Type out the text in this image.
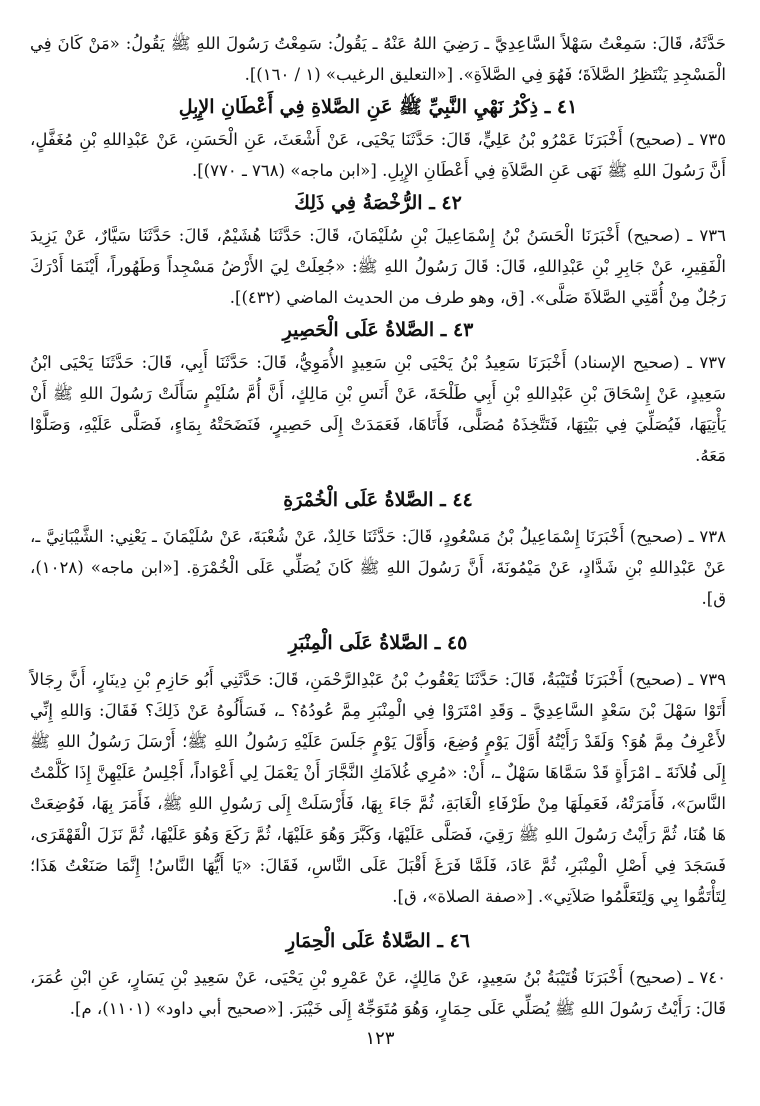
حَدَّثَهُ، قَالَ: سَمِعْتُ سَهْلاً السَّاعِدِيَّ ـ رَضِيَ اللهُ عَنْهُ ـ يَقُولُ: سَمِعْتُ رَسُولَ اللهِ ﷺ يَقُولُ: «مَنْ كَانَ فِي الْمَسْجِدِ يَنْتَظِرُ الصَّلاَةَ؛ فَهُوَ فِي الصَّلاَةِ». [«التعليق الرغيب» (١ / ١٦٠)].

٤١ ـ ذِكْرُ نَهْيِ النَّبِيِّ ﷺ عَنِ الصَّلاةِ فِي أَعْطَانِ الإِبِلِ

٧٣٥ ـ (صحيح) أَخْبَرَنَا عَمْرُو بْنُ عَلِيٍّ، قَالَ: حَدَّثَنَا يَحْيَى، عَنْ أَشْعَثَ، عَنِ الْحَسَنِ، عَنْ عَبْدِاللهِ بْنِ مُغَفَّلٍ، أَنَّ رَسُولَ اللهِ ﷺ نَهَى عَنِ الصَّلاَةِ فِي أَعْطَانِ الإِبِلِ. [«ابن ماجه» (٧٦٨ ـ ٧٧٠)].

٤٢ ـ الرُّخْصَةُ فِي ذَلِكَ

٧٣٦ ـ (صحيح) أَخْبَرَنَا الْحَسَنُ بْنُ إِسْمَاعِيلَ بْنِ سُلَيْمَانَ، قَالَ: حَدَّثَنَا هُشَيْمٌ، قَالَ: حَدَّثَنَا سَيَّارٌ، عَنْ يَزِيدَ الْفَقِيرِ، عَنْ جَابِرِ بْنِ عَبْدِاللهِ، قَالَ: قَالَ رَسُولُ اللهِ ﷺ: «جُعِلَتْ لِيَ الأَرْضُ مَسْجِداً وَطَهُوراً، أَيْنَمَا أَدْرَكَ رَجُلٌ مِنْ أُمَّتِي الصَّلاَةَ صَلَّى». [ق، وهو طرف من الحديث الماضي (٤٣٢)].

٤٣ ـ الصَّلاةُ عَلَى الْحَصِيرِ

٧٣٧ ـ (صحيح الإسناد) أَخْبَرَنَا سَعِيدُ بْنُ يَحْيَى بْنِ سَعِيدٍ الأُمَوِيُّ، قَالَ: حَدَّثَنَا أَبِي، قَالَ: حَدَّثَنَا يَحْيَى ابْنُ سَعِيدٍ، عَنْ إِسْحَاقَ بْنِ عَبْدِاللهِ بْنِ أَبِي طَلْحَةَ، عَنْ أَنَسِ بْنِ مَالِكٍ، أَنَّ أُمَّ سُلَيْمٍ سَأَلَتْ رَسُولَ اللهِ ﷺ أَنْ يَأْتِيَهَا، فَيُصَلِّيَ فِي بَيْتِهَا، فَتَتَّخِذَهُ مُصَلًّى، فَأَتَاهَا، فَعَمَدَتْ إِلَى حَصِيرٍ، فَنَضَحَتْهُ بِمَاءٍ، فَصَلَّى عَلَيْهِ، وَصَلَّوْا مَعَهُ.

٤٤ ـ الصَّلاةُ عَلَى الْخُمْرَةِ

٧٣٨ ـ (صحيح) أَخْبَرَنَا إِسْمَاعِيلُ بْنُ مَسْعُودٍ، قَالَ: حَدَّثَنَا خَالِدٌ، عَنْ شُعْبَةَ، عَنْ سُلَيْمَانَ ـ يَعْنِي: الشَّيْبَانِيَّ ـ، عَنْ عَبْدِاللهِ بْنِ شَدَّادٍ، عَنْ مَيْمُونَةَ، أَنَّ رَسُولَ اللهِ ﷺ كَانَ يُصَلِّي عَلَى الْخُمْرَةِ. [«ابن ماجه» (١٠٢٨)، ق].

٤٥ ـ الصَّلاةُ عَلَى الْمِنْبَرِ

٧٣٩ ـ (صحيح) أَخْبَرَنَا قُتَيْبَةُ، قَالَ: حَدَّثَنَا يَعْقُوبُ بْنُ عَبْدِالرَّحْمَنِ، قَالَ: حَدَّثَنِي أَبُو حَازِمِ بْنِ دِينَارٍ، أَنَّ رِجَالاً أَتَوْا سَهْلَ بْنَ سَعْدٍ السَّاعِدِيَّ ـ وَقَدِ امْتَرَوْا فِي الْمِنْبَرِ مِمَّ عُودُهُ؟ ـ، فَسَأَلُوهُ عَنْ ذَلِكَ؟ فَقَالَ: وَاللهِ إِنِّي لأَعْرِفُ مِمَّ هُوَ؟ وَلَقَدْ رَأَيْتُهُ أَوَّلَ يَوْمٍ وُضِعَ، وَأَوَّلَ يَوْمٍ جَلَسَ عَلَيْهِ رَسُولُ اللهِ ﷺ؛ أَرْسَلَ رَسُولُ اللهِ ﷺ إِلَى فُلاَنَةَ ـ امْرَأَةٍ قَدْ سَمَّاهَا سَهْلٌ ـ، أَنْ: «مُرِي غُلاَمَكِ النَّجَّارَ أَنْ يَعْمَلَ لِي أَعْوَاداً، أَجْلِسُ عَلَيْهِنَّ إِذَا كَلَّمْتُ النَّاسَ»، فَأَمَرَتْهُ، فَعَمِلَهَا مِنْ طَرْفَاءِ الْغَابَةِ، ثُمَّ جَاءَ بِهَا، فَأَرْسَلَتْ إِلَى رَسُولِ اللهِ ﷺ، فَأَمَرَ بِهَا، فَوُضِعَتْ هَا هُنَا، ثُمَّ رَأَيْتُ رَسُولَ اللهِ ﷺ رَقِيَ، فَصَلَّى عَلَيْهَا، وَكَبَّرَ وَهُوَ عَلَيْهَا، ثُمَّ رَكَعَ وَهُوَ عَلَيْهَا، ثُمَّ نَزَلَ الْقَهْقَرَى، فَسَجَدَ فِي أَصْلِ الْمِنْبَرِ، ثُمَّ عَادَ، فَلَمَّا فَرَغَ أَقْبَلَ عَلَى النَّاسِ، فَقَالَ: «يَا أَيُّهَا النَّاسُ! إِنَّمَا صَنَعْتُ هَذَا؛ لِتَأْتَمُّوا بِي وَلِتَعَلَّمُوا صَلاَتِي». [«صفة الصلاة»، ق].

٤٦ ـ الصَّلاةُ عَلَى الْحِمَارِ

٧٤٠ ـ (صحيح) أَخْبَرَنَا قُتَيْبَةُ بْنُ سَعِيدٍ، عَنْ مَالِكٍ، عَنْ عَمْرِو بْنِ يَحْيَى، عَنْ سَعِيدِ بْنِ يَسَارٍ، عَنِ ابْنِ عُمَرَ، قَالَ: رَأَيْتُ رَسُولَ اللهِ ﷺ يُصَلِّي عَلَى حِمَارٍ، وَهُوَ مُتَوَجِّهٌ إِلَى خَيْبَرَ. [«صحيح أبي داود» (١١٠١)، م].

١٢٣
